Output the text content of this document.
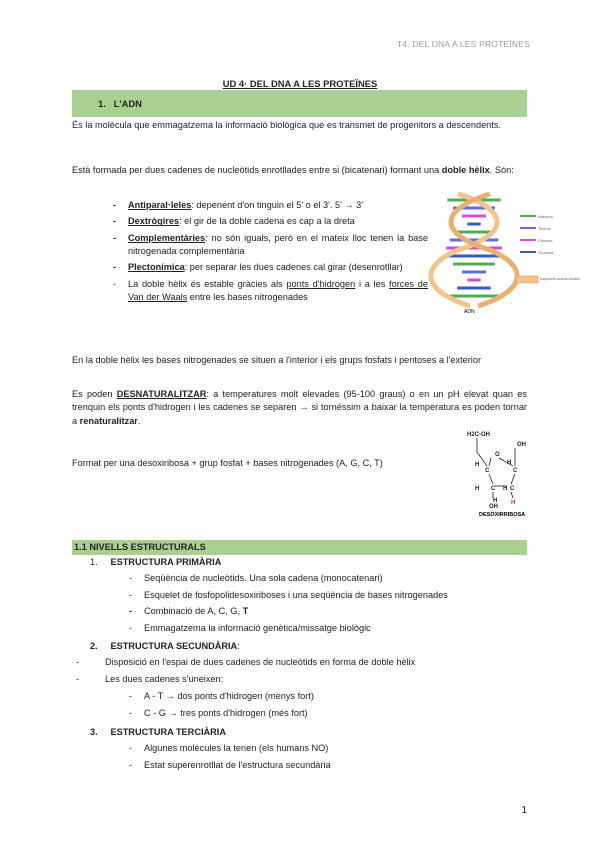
T4. DEL DNA A LES PROTEÏNES
UD 4· DEL DNA A LES PROTEÏNES
1. L'ADN
És la molècula que emmagatzema la informació biològica que es transmet de progenitors a descendents.
Està formada per dues cadenes de nucleòtids enrotllades entre si (bicatenari) formant una doble hèlix. Són:
- Antiparal·leles: depenent d'on tinguin el 5' o el 3'. 5' → 3'
- Dextrògires: el gir de la doble cadena es cap a la dreta
- Complementàries: no són iguals, però en el mateix lloc tenen la base nitrogenada complementària
- Plectonímica: per separar les dues cadenes cal girar (desenrotllar)
- La doble hèlix és estable gràcies als ponts d'hidrogen i a les forces de Van der Waals entre les bases nitrogenades
ADN
Adenina
Timina
Citosina
Guanina
Esqueleto azúcar-fosfato
En la doble hèlix les bases nitrogenades se situen a l'interior i els grups fosfats i pentoses a l'exterior
Es poden DESNATURALITZAR: a temperatures molt elevades (95-100 graus) o en un pH elevat quan es trenquin els ponts d'hidrogen i les cadenes se separen → si tornéssim a baixar la temperatura es poden tornar a renaturalitzar.
Format per una desoxiribosa + grup fosfat + bases nitrogenades (A, G, C, T)
H2C-OH
OH
O
H
C
H
C
H C H C
H
OH
H
DESOXIRRIBOSA
1.1 NIVELLS ESTRUCTURALS
1. ESTRUCTURA PRIMÀRIA
- Seqüència de nucleòtids. Una sola cadena (monocatenari)
- Esquelet de fosfopolidesoxiriboses i una seqüència de bases nitrogenades
- Combinació de A, C, G, T
- Emmagatzema la informació genètica/missatge biològic
2. ESTRUCTURA SECUNDÀRIA:
-	Disposició en l'espai de dues cadenes de nucleòtids en forma de doble hèlix
-	Les dues cadenes s'uneixen:
- A - T → dos ponts d'hidrogen (menys fort)
- C - G → tres ponts d'hidrogen (més fort)
3. ESTRUCTURA TERCIÀRIA
- Algunes molècules la tenen (els humans NO)
- Estat superenrotllat de l'estructura secundària
1
